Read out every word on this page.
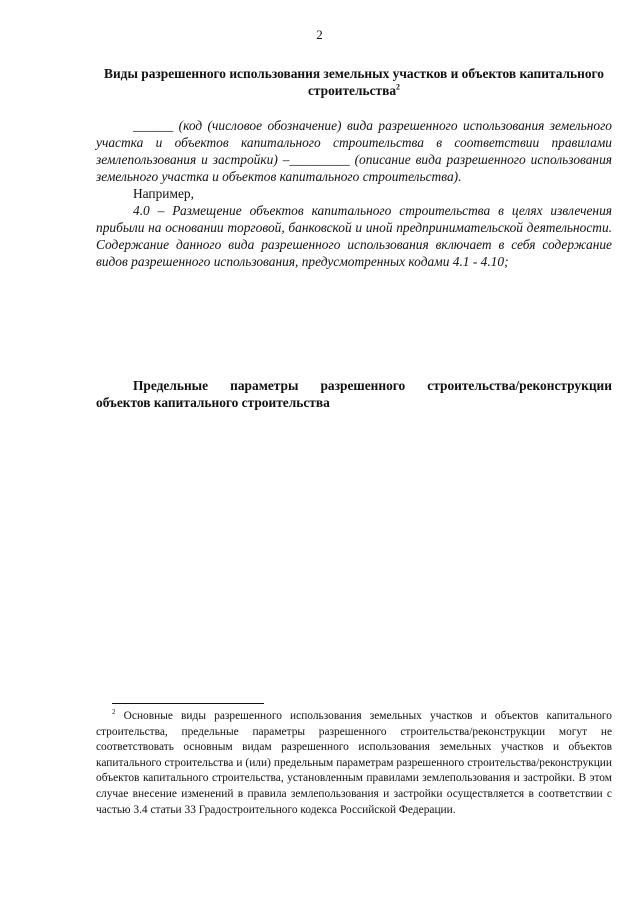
2
Виды разрешенного использования земельных участков и объектов капитального строительства$^2$

______ (код (числовое обозначение) вида разрешенного использования земельного участка и объектов капитального строительства в соответствии правилами землепользования и застройки) –_________ (описание вида разрешенного использования земельного участка и объектов капитального строительства).

Например,

4.0 – Размещение объектов капитального строительства в целях извлечения прибыли на основании торговой, банковской и иной предпринимательской деятельности. Содержание данного вида разрешенного использования включает в себя содержание видов разрешенного использования, предусмотренных кодами 4.1 - 4.10;

Предельные параметры разрешенного строительства/реконструкции объектов капитального строительства
$^2$ Основные виды разрешенного использования земельных участков и объектов капитального строительства, предельные параметры разрешенного строительства/реконструкции могут не соответствовать основным видам разрешенного использования земельных участков и объектов капитального строительства и (или) предельным параметрам разрешенного строительства/реконструкции объектов капитального строительства, установленным правилами землепользования и застройки. В этом случае внесение изменений в правила землепользования и застройки осуществляется в соответствии с частью 3.4 статьи 33 Градостроительного кодекса Российской Федерации.
